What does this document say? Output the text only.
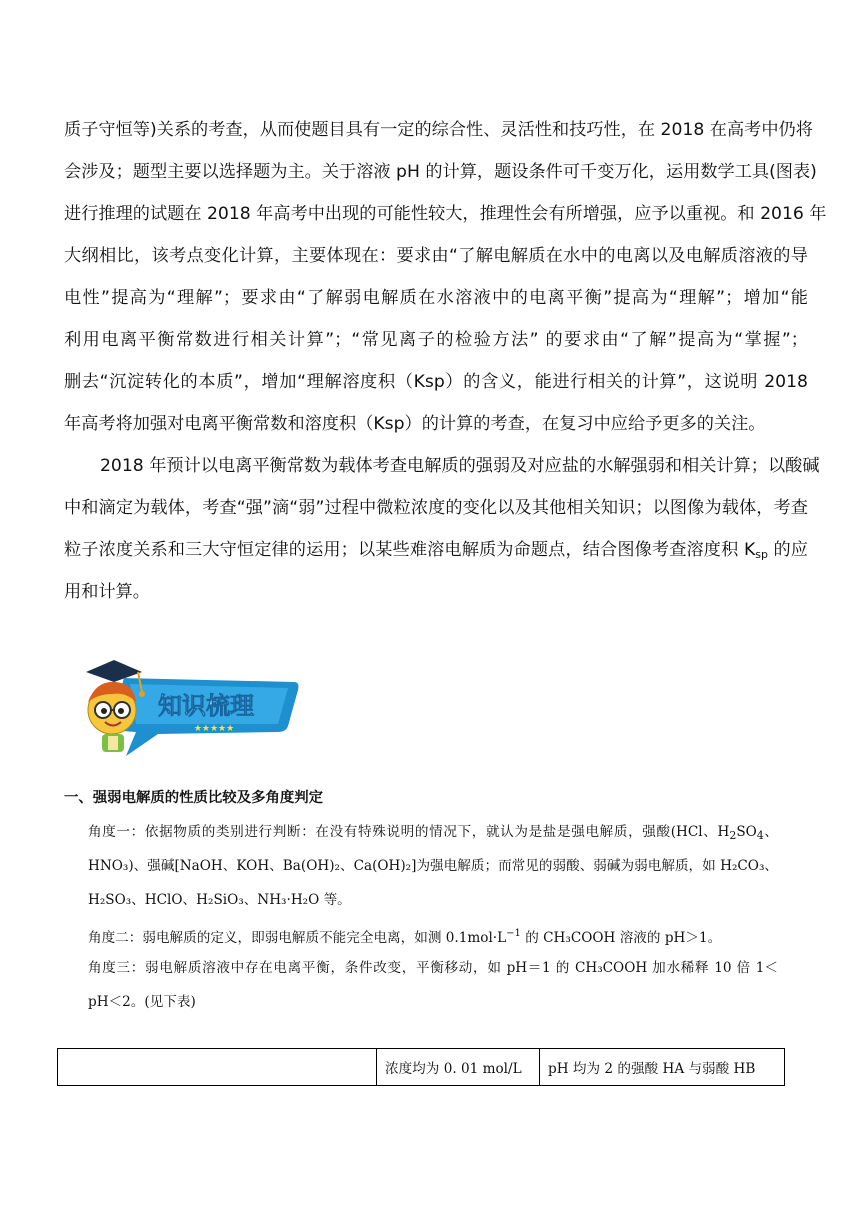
质子守恒等)关系的考查，从而使题目具有一定的综合性、灵活性和技巧性，在 2018 在高考中仍将
会涉及；题型主要以选择题为主。关于溶液 pH 的计算，题设条件可千变万化，运用数学工具(图表)
进行推理的试题在 2018 年高考中出现的可能性较大，推理性会有所增强，应予以重视。和 2016 年
大纲相比，该考点变化计算，主要体现在：要求由“了解电解质在水中的电离以及电解质溶液的导
电性”提高为“理解”；要求由“了解弱电解质在水溶液中的电离平衡”提高为“理解”；增加“能
利用电离平衡常数进行相关计算”；“常见离子的检验方法” 的要求由“了解”提高为“掌握”；
删去“沉淀转化的本质”，增加“理解溶度积（Ksp）的含义，能进行相关的计算”，这说明 2018
年高考将加强对电离平衡常数和溶度积（Ksp）的计算的考查，在复习中应给予更多的关注。
2018 年预计以电离平衡常数为载体考查电解质的强弱及对应盐的水解强弱和相关计算；以酸碱
中和滴定为载体，考查“强”滴“弱”过程中微粒浓度的变化以及其他相关知识；以图像为载体，考查
粒子浓度关系和三大守恒定律的运用；以某些难溶电解质为命题点，结合图像考查溶度积 $K_{sp}$ 的应
用和计算。
知识梳理
★★★★★
一、强弱电解质的性质比较及多角度判定
角度一：依据物质的类别进行判断：在没有特殊说明的情况下，就认为是盐是强电解质，强酸(HCl、$H_2SO_4$、
HNO₃)、强碱[NaOH、KOH、Ba(OH)₂、Ca(OH)₂]为强电解质；而常见的弱酸、弱碱为弱电解质，如 H₂CO₃、
H₂SO₃、HClO、H₂SiO₃、NH₃·H₂O 等。
角度二：弱电解质的定义，即弱电解质不能完全电离，如测 $0.1mol\cdot L^{-1}$ 的 CH₃COOH 溶液的 pH＞1。
角度三：弱电解质溶液中存在电离平衡，条件改变，平衡移动，如 pH＝1 的 CH₃COOH 加水稀释 10 倍 1＜
pH＜2。(见下表)
	浓度均为 0. 01 mol/L	pH 均为 2 的强酸 HA 与弱酸 HB
